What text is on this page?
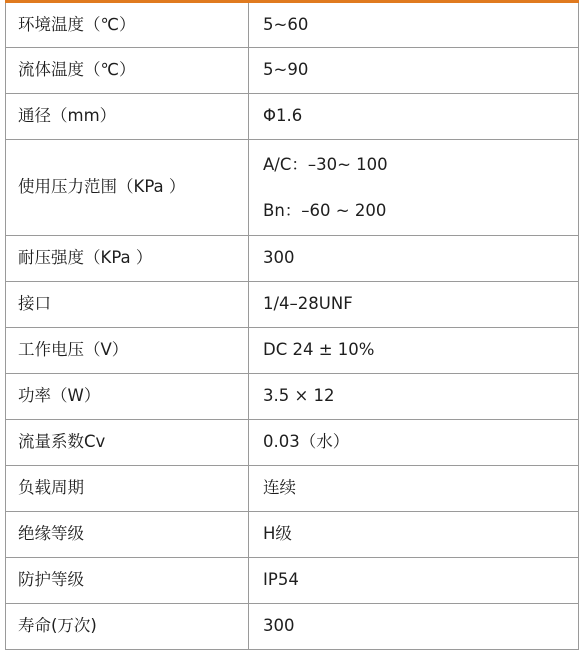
环境温度（℃）	5~60
流体温度（℃）	5~90
通径（mm）	Φ1.6
使用压力范围（KPa ）	A/C：–30~ 100
Bn：–60 ~ 200

耐压强度（KPa ）	300
接口	1/4–28UNF
工作电压（V）	DC 24 ± 10%
功率（W）	3.5 × 12
流量系数Cv	0.03（水）
负载周期	连续
绝缘等级	H级
防护等级	IP54
寿命(万次)	300
